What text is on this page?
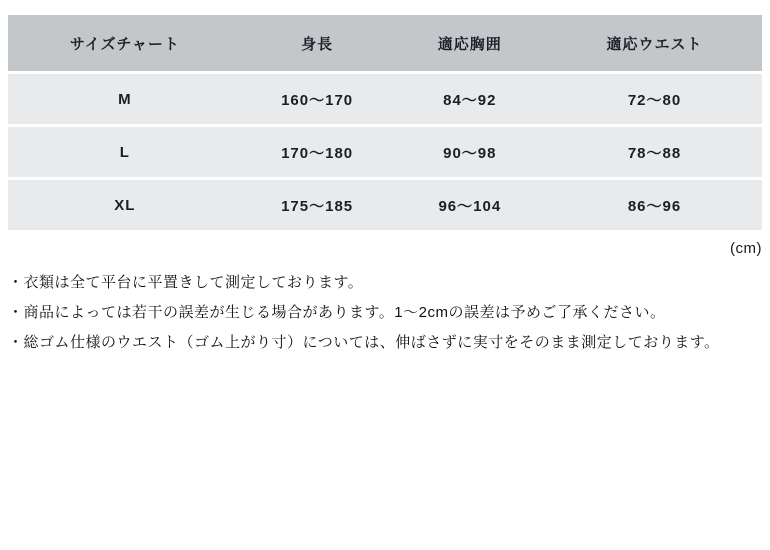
サイズチャート	身長	適応胸囲	適応ウエスト
M	160〜170	84〜92	72〜80
L	170〜180	90〜98	78〜88
XL	175〜185	96〜104	86〜96
(cm)
・衣類は全て平台に平置きして測定しております。
・商品によっては若干の誤差が生じる場合があります。1〜2cmの誤差は予めご了承ください。
・総ゴム仕様のウエスト（ゴム上がり寸）については、伸ばさずに実寸をそのまま測定しております。
